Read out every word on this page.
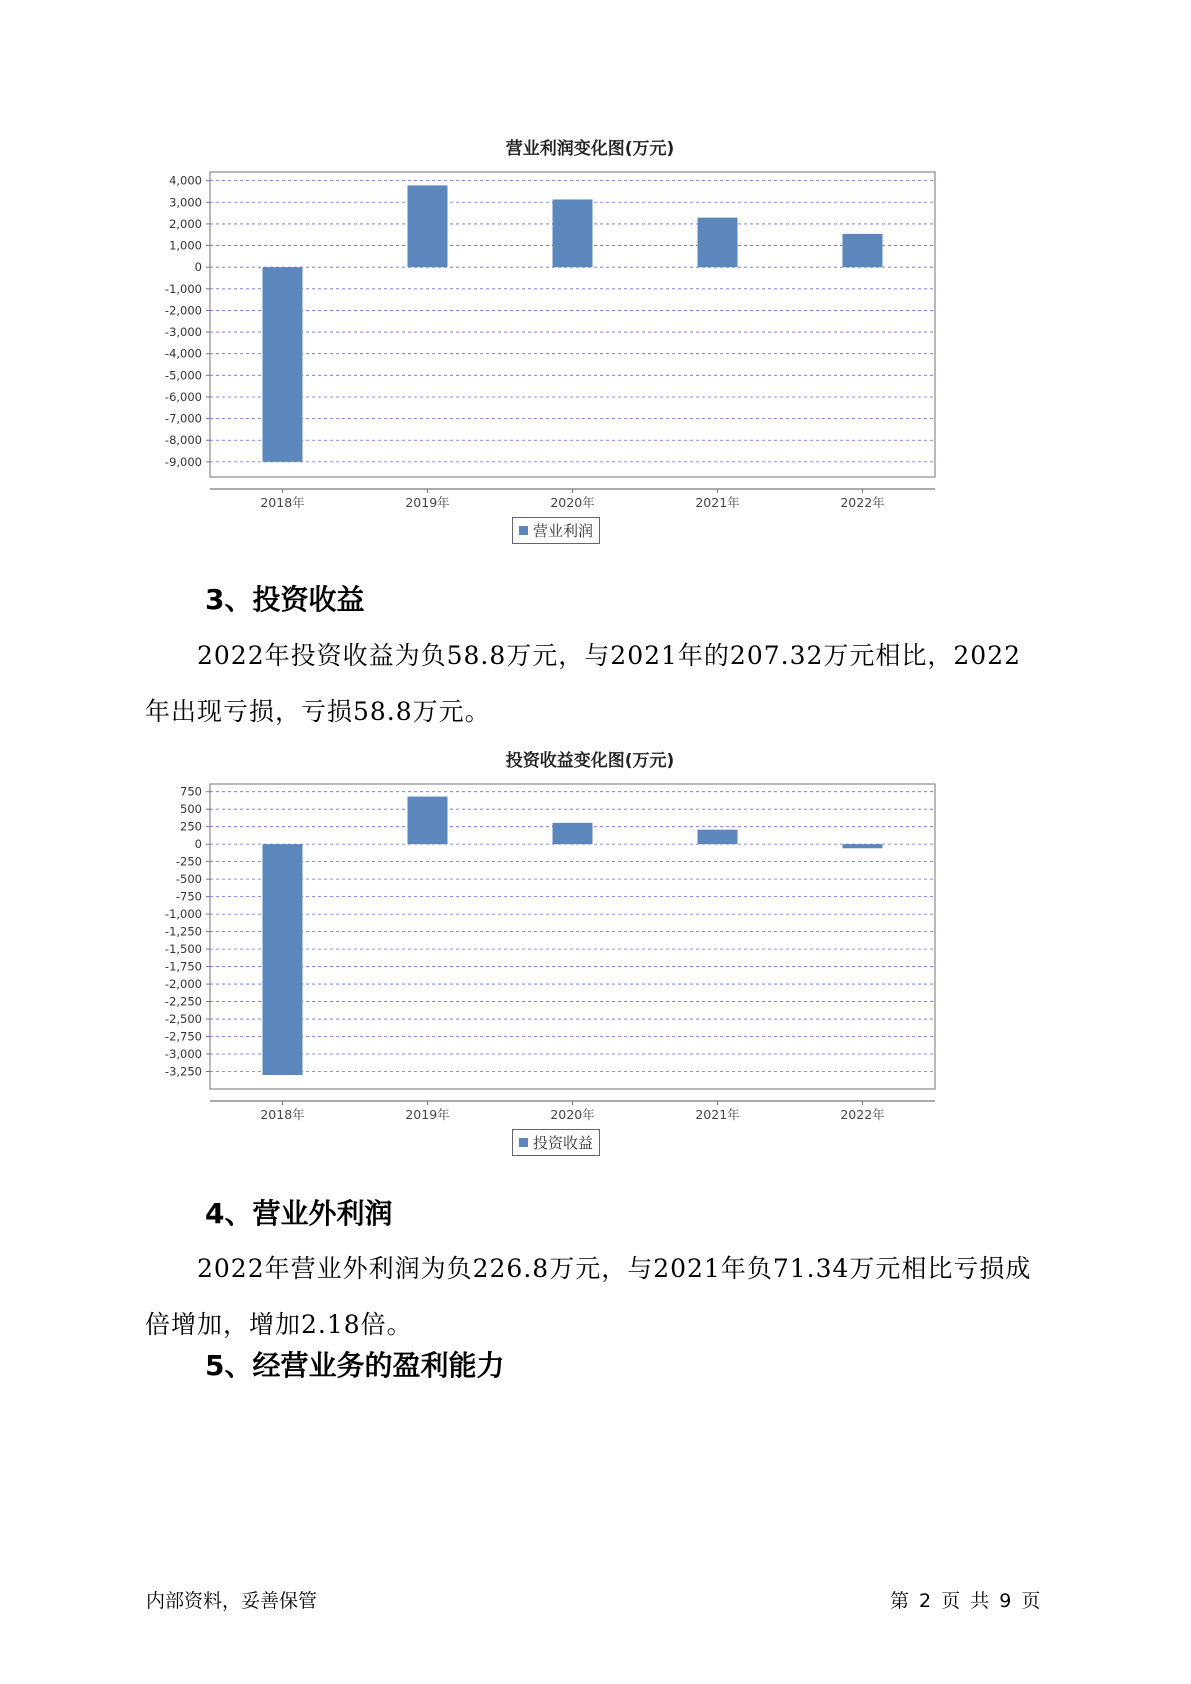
营业利润变化图(万元)
4,000
3,000
2,000
1,000
0
-1,000
-2,000
-3,000
-4,000
-5,000
-6,000
-7,000
-8,000
-9,000
2018年	2019年	2020年	2021年	2022年
营业利润
3、投资收益
2022年投资收益为负58.8万元，与2021年的207.32万元相比，2022年出现亏损，亏损58.8万元。
投资收益变化图(万元)
750
500
250
0
-250
-500
-750
-1,000
-1,250
-1,500
-1,750
-2,000
-2,250
-2,500
-2,750
-3,000
-3,250
2018年	2019年	2020年	2021年	2022年
投资收益
4、营业外利润
2022年营业外利润为负226.8万元，与2021年负71.34万元相比亏损成倍增加，增加2.18倍。
5、经营业务的盈利能力
内部资料，妥善保管	第 2 页 共 9 页
